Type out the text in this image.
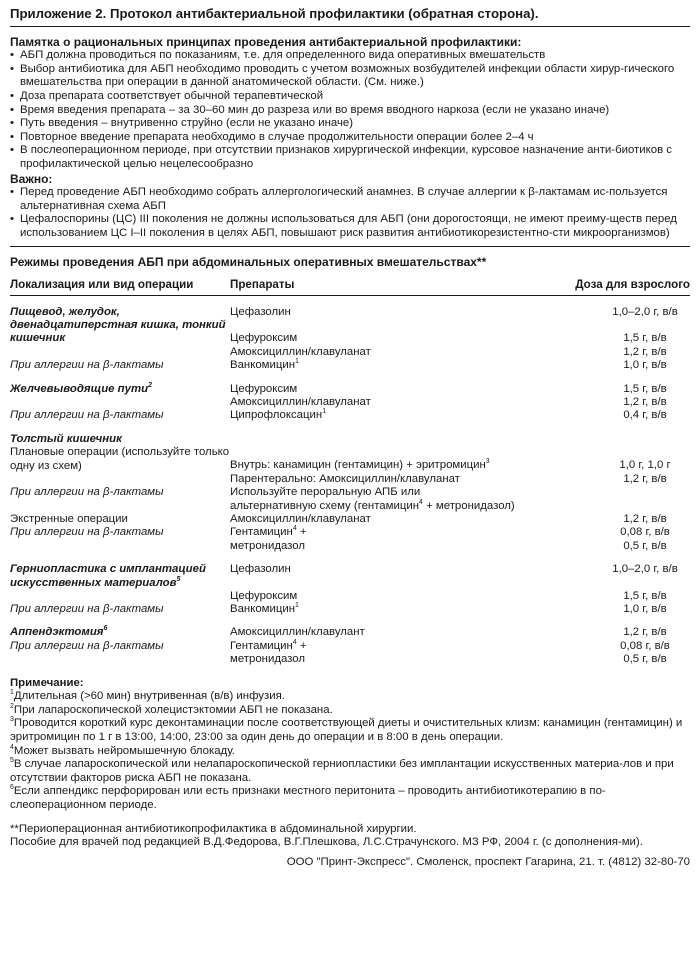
Приложение 2. Протокол антибактериальной профилактики (обратная сторона).
Памятка о рациональных принципах проведения антибактериальной профилактики:
• АБП должна проводиться по показаниям, т.е. для определенного вида оперативных вмешательств
• Выбор антибиотика для АБП необходимо проводить с учетом возможных возбудителей инфекции области хирур-гического вмешательства при операции в данной анатомической области. (См. ниже.)
• Доза препарата соответствует обычной терапевтической
• Время введения препарата – за 30–60 мин до разреза или во время вводного наркоза (если не указано иначе)
• Путь введения – внутривенно струйно (если не указано иначе)
• Повторное введение препарата необходимо в случае продолжительности операции более 2–4 ч
• В послеоперационном периоде, при отсутствии признаков хирургической инфекции, курсовое назначение анти-биотиков с профилактической целью нецелесообразно
Важно:
• Перед проведение АБП необходимо собрать аллергологический анамнез. В случае аллергии к β-лактамам ис-пользуется альтернативная схема АБП
• Цефалоспорины (ЦС) III поколения не должны использоваться для АБП (они дорогостоящи, не имеют преиму-ществ перед использованием ЦС I–II поколения в целях АБП, повышают риск развития антибиотикорезистентно-сти микроорганизмов)
Режимы проведения АБП при абдоминальных оперативных вмешательствах**
Локализация или вид операции	Препараты	Доза для взрослого
Пищевод, желудок, двенадцатиперстная кишка, тонкий кишечник	Цефазолин	1,0–2,0 г, в/в
	Цефуроксим	1,5 г, в/в
	Амоксициллин/клавуланат	1,2 г, в/в
При аллергии на β-лактамы	Ванкомицин$^1$	1,0 г, в/в

Желчевыводящие пути$^2$	Цефуроксим	1,5 г, в/в
	Амоксициллин/клавуланат	1,2 г, в/в
При аллергии на β-лактамы	Ципрофлоксацин$^1$	0,4 г, в/в

Толстый кишечник		
Плановые операции (используйте только одну из схем)	Внутрь: канамицин (гентамицин) + эритромицин$^3$	1,0 г, 1,0 г
	Парентерально: Амоксициллин/клавуланат	1,2 г, в/в
При аллергии на β-лактамы	Используйте пероральную АПБ или
альтернативную схему (гентамицин$^4$ + метронидазол)	
Экстренные операции	Амоксициллин/клавуланат	1,2 г, в/в
При аллергии на β-лактамы	Гентамицин$^4$ +	0,08 г, в/в
	метронидазол	0,5 г, в/в

Герниопластика с имплантацией искусственных материалов$^5$	Цефазолин	1,0–2,0 г, в/в
	Цефуроксим	1,5 г, в/в
При аллергии на β-лактамы	Ванкомицин$^1$	1,0 г, в/в

Аппендэктомия$^6$	Амоксициллин/клавулант	1,2 г, в/в
При аллергии на β-лактамы	Гентамицин$^4$ +	0,08 г, в/в
	метронидазол	0,5 г, в/в

Примечание:

$^1$Длительная (>60 мин) внутривенная (в/в) инфузия.

$^2$При лапароскопической холецистэктомии АБП не показана.

$^3$Проводится короткий курс деконтаминации после соответствующей диеты и очистительных клизм: канамицин (гентамицин) и эритромицин по 1 г в 13:00, 14:00, 23:00 за один день до операции и в 8:00 в день операции.

$^4$Может вызвать нейромышечную блокаду.

$^5$В случае лапароскопической или нелапароскопической герниопластики без имплантации искусственных материа-лов и при отсутствии факторов риска АБП не показана.

$^6$Если аппендикс перфорирован или есть признаки местного перитонита – проводить антибиотикотерапию в по-слеоперационном периоде.

**Периоперационная антибиотикопрофилактика в абдоминальной хирургии.

Пособие для врачей под редакцией В.Д.Федорова, В.Г.Плешкова, Л.С.Страчунского. МЗ РФ, 2004 г. (с дополнения-ми).

ООО "Принт-Экспресс". Смоленск, проспект Гагарина, 21. т. (4812) 32-80-70
